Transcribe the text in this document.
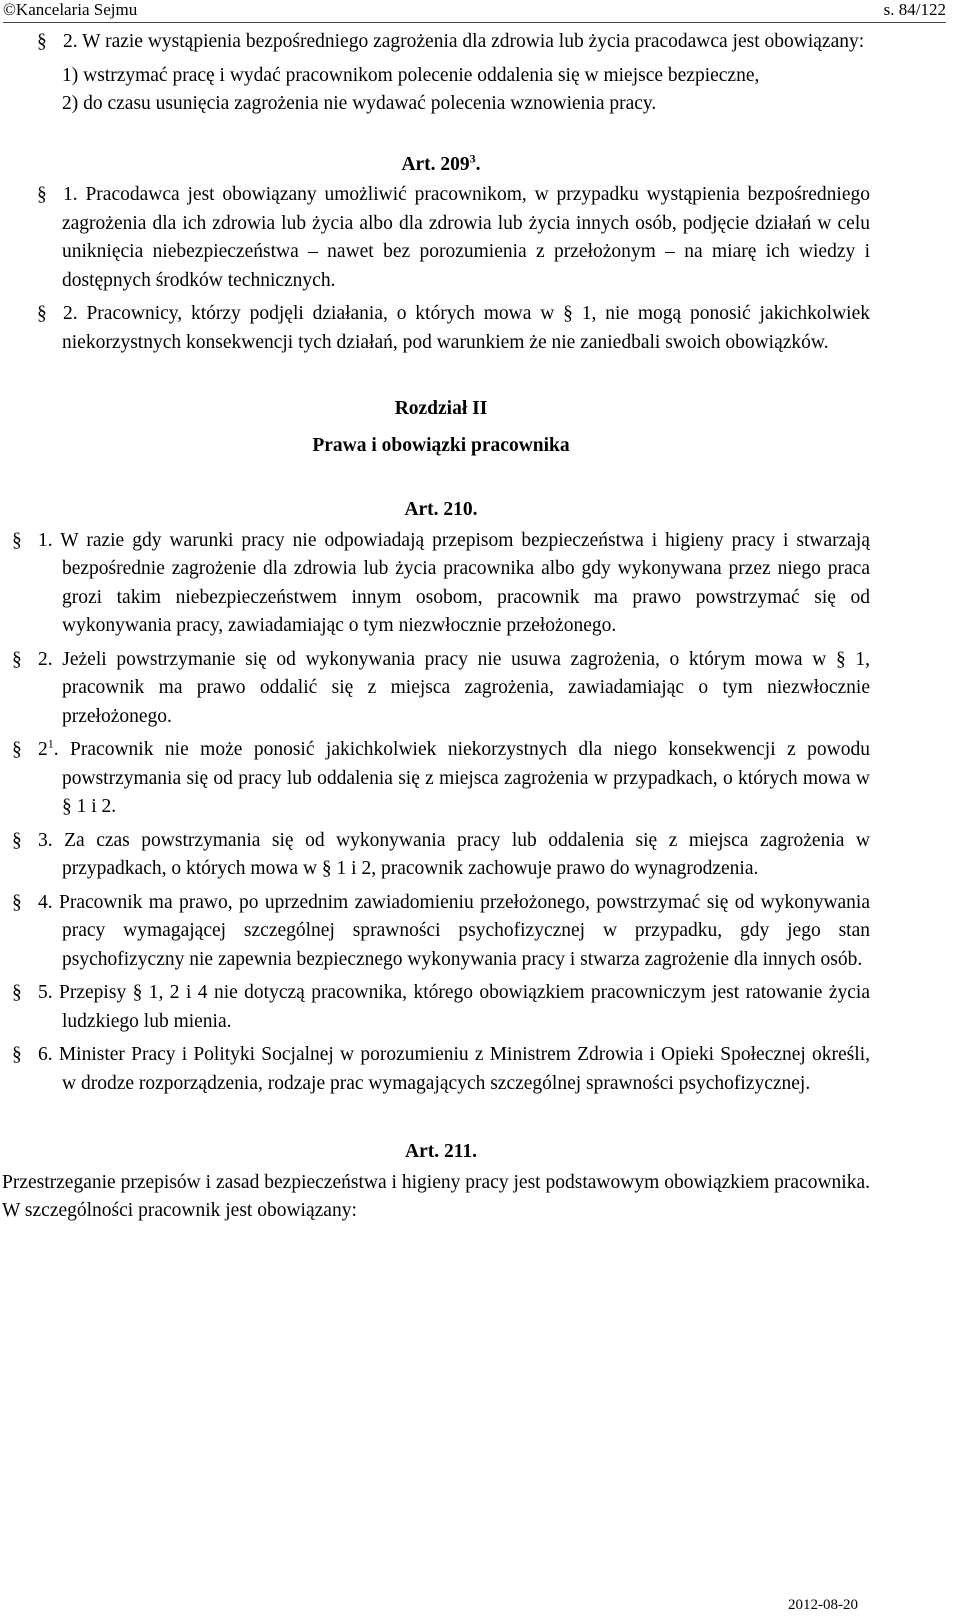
©Kancelaria Sejmu	s. 84/122

§ 2. W razie wystąpienia bezpośredniego zagrożenia dla zdrowia lub życia pracodawca jest obowiązany:

1) wstrzymać pracę i wydać pracownikom polecenie oddalenia się w miejsce bezpieczne,

2) do czasu usunięcia zagrożenia nie wydawać polecenia wznowienia pracy.

Art. $209^3$.

§ 1. Pracodawca jest obowiązany umożliwić pracownikom, w przypadku wystąpienia bezpośredniego zagrożenia dla ich zdrowia lub życia albo dla zdrowia lub życia innych osób, podjęcie działań w celu uniknięcia niebezpieczeństwa – nawet bez porozumienia z przełożonym – na miarę ich wiedzy i dostępnych środków technicznych.

§ 2. Pracownicy, którzy podjęli działania, o których mowa w § 1, nie mogą ponosić jakichkolwiek niekorzystnych konsekwencji tych działań, pod warunkiem że nie zaniedbali swoich obowiązków.

Rozdział II

Prawa i obowiązki pracownika

Art. 210.

§ 1. W razie gdy warunki pracy nie odpowiadają przepisom bezpieczeństwa i higieny pracy i stwarzają bezpośrednie zagrożenie dla zdrowia lub życia pracownika albo gdy wykonywana przez niego praca grozi takim niebezpieczeństwem innym osobom, pracownik ma prawo powstrzymać się od wykonywania pracy, zawiadamiając o tym niezwłocznie przełożonego.

§ 2. Jeżeli powstrzymanie się od wykonywania pracy nie usuwa zagrożenia, o którym mowa w § 1, pracownik ma prawo oddalić się z miejsca zagrożenia, zawiadamiając o tym niezwłocznie przełożonego.

§ $2^1$. Pracownik nie może ponosić jakichkolwiek niekorzystnych dla niego konsekwencji z powodu powstrzymania się od pracy lub oddalenia się z miejsca zagrożenia w przypadkach, o których mowa w § 1 i 2.

§ 3. Za czas powstrzymania się od wykonywania pracy lub oddalenia się z miejsca zagrożenia w przypadkach, o których mowa w § 1 i 2, pracownik zachowuje prawo do wynagrodzenia.

§ 4. Pracownik ma prawo, po uprzednim zawiadomieniu przełożonego, powstrzymać się od wykonywania pracy wymagającej szczególnej sprawności psychofizycznej w przypadku, gdy jego stan psychofizyczny nie zapewnia bezpiecznego wykonywania pracy i stwarza zagrożenie dla innych osób.

§ 5. Przepisy § 1, 2 i 4 nie dotyczą pracownika, którego obowiązkiem pracowniczym jest ratowanie życia ludzkiego lub mienia.

§ 6. Minister Pracy i Polityki Socjalnej w porozumieniu z Ministrem Zdrowia i Opieki Społecznej określi, w drodze rozporządzenia, rodzaje prac wymagających szczególnej sprawności psychofizycznej.

Art. 211.

Przestrzeganie przepisów i zasad bezpieczeństwa i higieny pracy jest podstawowym obowiązkiem pracownika. W szczególności pracownik jest obowiązany:

2012-08-20
